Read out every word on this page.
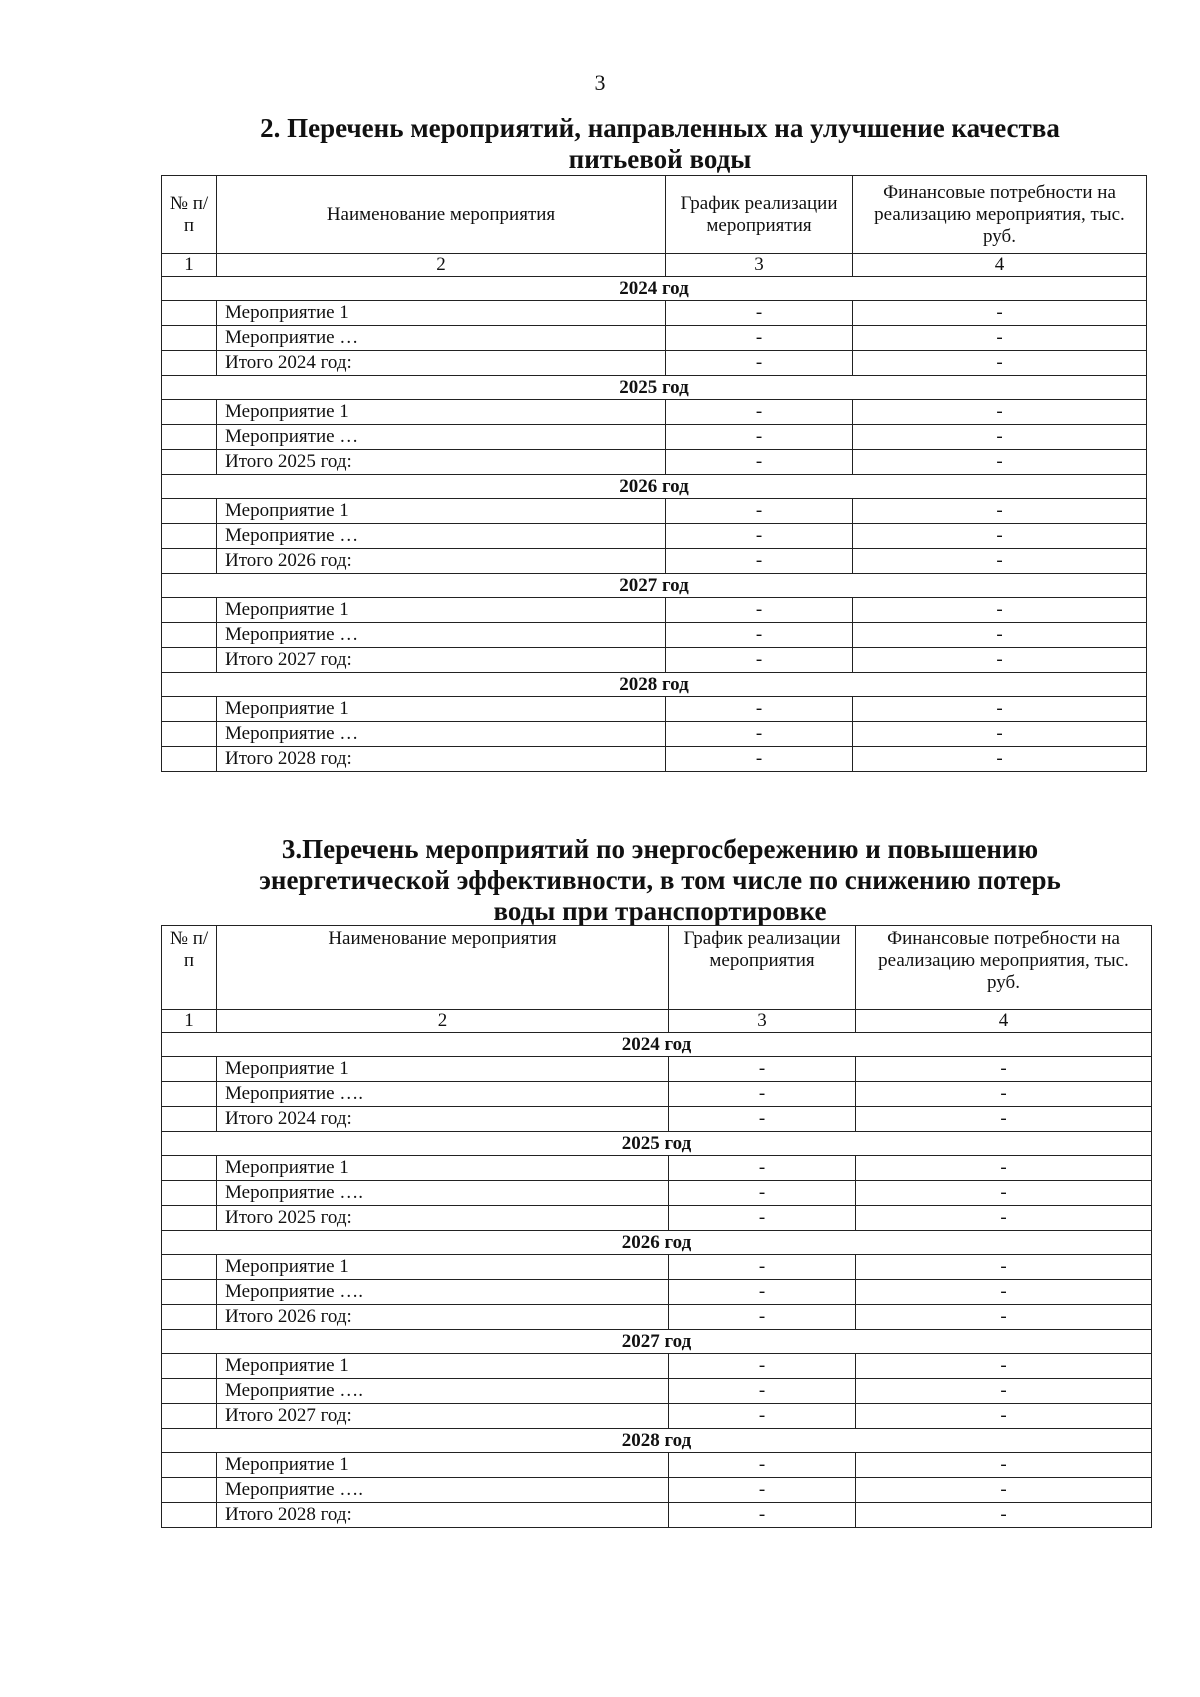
3
2. Перечень мероприятий, направленных на улучшение качества
питьевой воды
№ п/п	Наименование мероприятия	График реализации мероприятия	Финансовые потребности на реализацию мероприятия, тыс. руб.
1	2	3	4
2024 год			
	Мероприятие 1	-	-
	Мероприятие …	-	-
	Итого 2024 год:	-	-
2025 год			
	Мероприятие 1	-	-
	Мероприятие …	-	-
	Итого 2025 год:	-	-
2026 год			
	Мероприятие 1	-	-
	Мероприятие …	-	-
	Итого 2026 год:	-	-
2027 год			
	Мероприятие 1	-	-
	Мероприятие …	-	-
	Итого 2027 год:	-	-
2028 год			
	Мероприятие 1	-	-
	Мероприятие …	-	-
	Итого 2028 год:	-	-
3.Перечень мероприятий по энергосбережению и повышению
энергетической эффективности, в том числе по снижению потерь
воды при транспортировке
№ п/п	Наименование мероприятия	График реализации мероприятия	Финансовые потребности на реализацию мероприятия, тыс. руб.
1	2	3	4
2024 год			
	Мероприятие 1	-	-
	Мероприятие ….	-	-
	Итого 2024 год:	-	-
2025 год			
	Мероприятие 1	-	-
	Мероприятие ….	-	-
	Итого 2025 год:	-	-
2026 год			
	Мероприятие 1	-	-
	Мероприятие ….	-	-
	Итого 2026 год:	-	-
2027 год			
	Мероприятие 1	-	-
	Мероприятие ….	-	-
	Итого 2027 год:	-	-
2028 год			
	Мероприятие 1	-	-
	Мероприятие ….	-	-
	Итого 2028 год:	-	-
